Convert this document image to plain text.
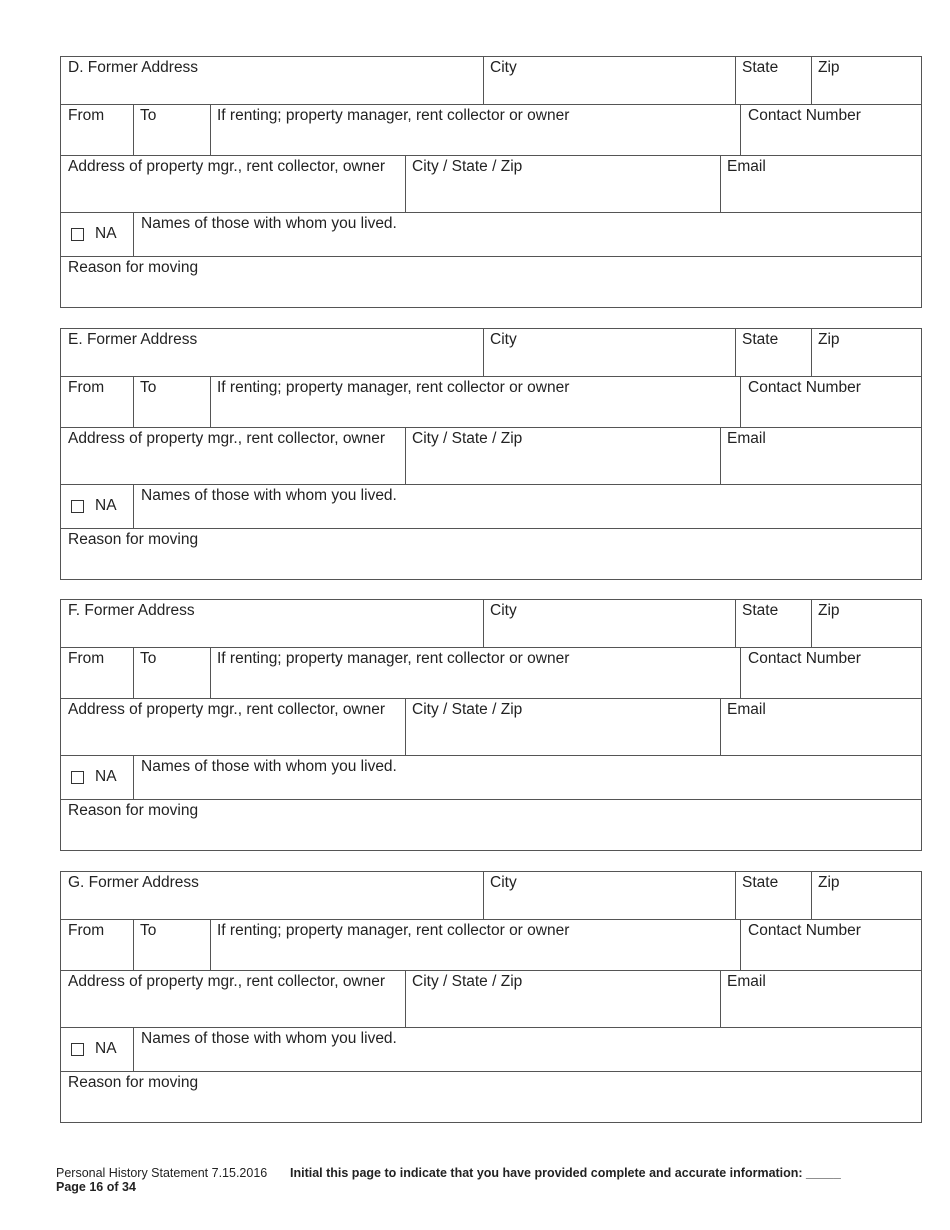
D. Former Address	City	State	Zip
From	To	If renting; property manager, rent collector or owner	Contact Number
Address of property mgr., rent collector, owner	City / State / Zip	Email
NA
Names of those with whom you lived.
Reason for moving
E. Former Address	City	State	Zip
From	To	If renting; property manager, rent collector or owner	Contact Number
Address of property mgr., rent collector, owner	City / State / Zip	Email
NA
Names of those with whom you lived.
Reason for moving
F. Former Address	City	State	Zip
From	To	If renting; property manager, rent collector or owner	Contact Number
Address of property mgr., rent collector, owner	City / State / Zip	Email
NA
Names of those with whom you lived.
Reason for moving
G. Former Address	City	State	Zip
From	To	If renting; property manager, rent collector or owner	Contact Number
Address of property mgr., rent collector, owner	City / State / Zip	Email
NA
Names of those with whom you lived.
Reason for moving
Personal History Statement 7.15.2016
Page 16 of 34
Initial this page to indicate that you have provided complete and accurate information: _____
